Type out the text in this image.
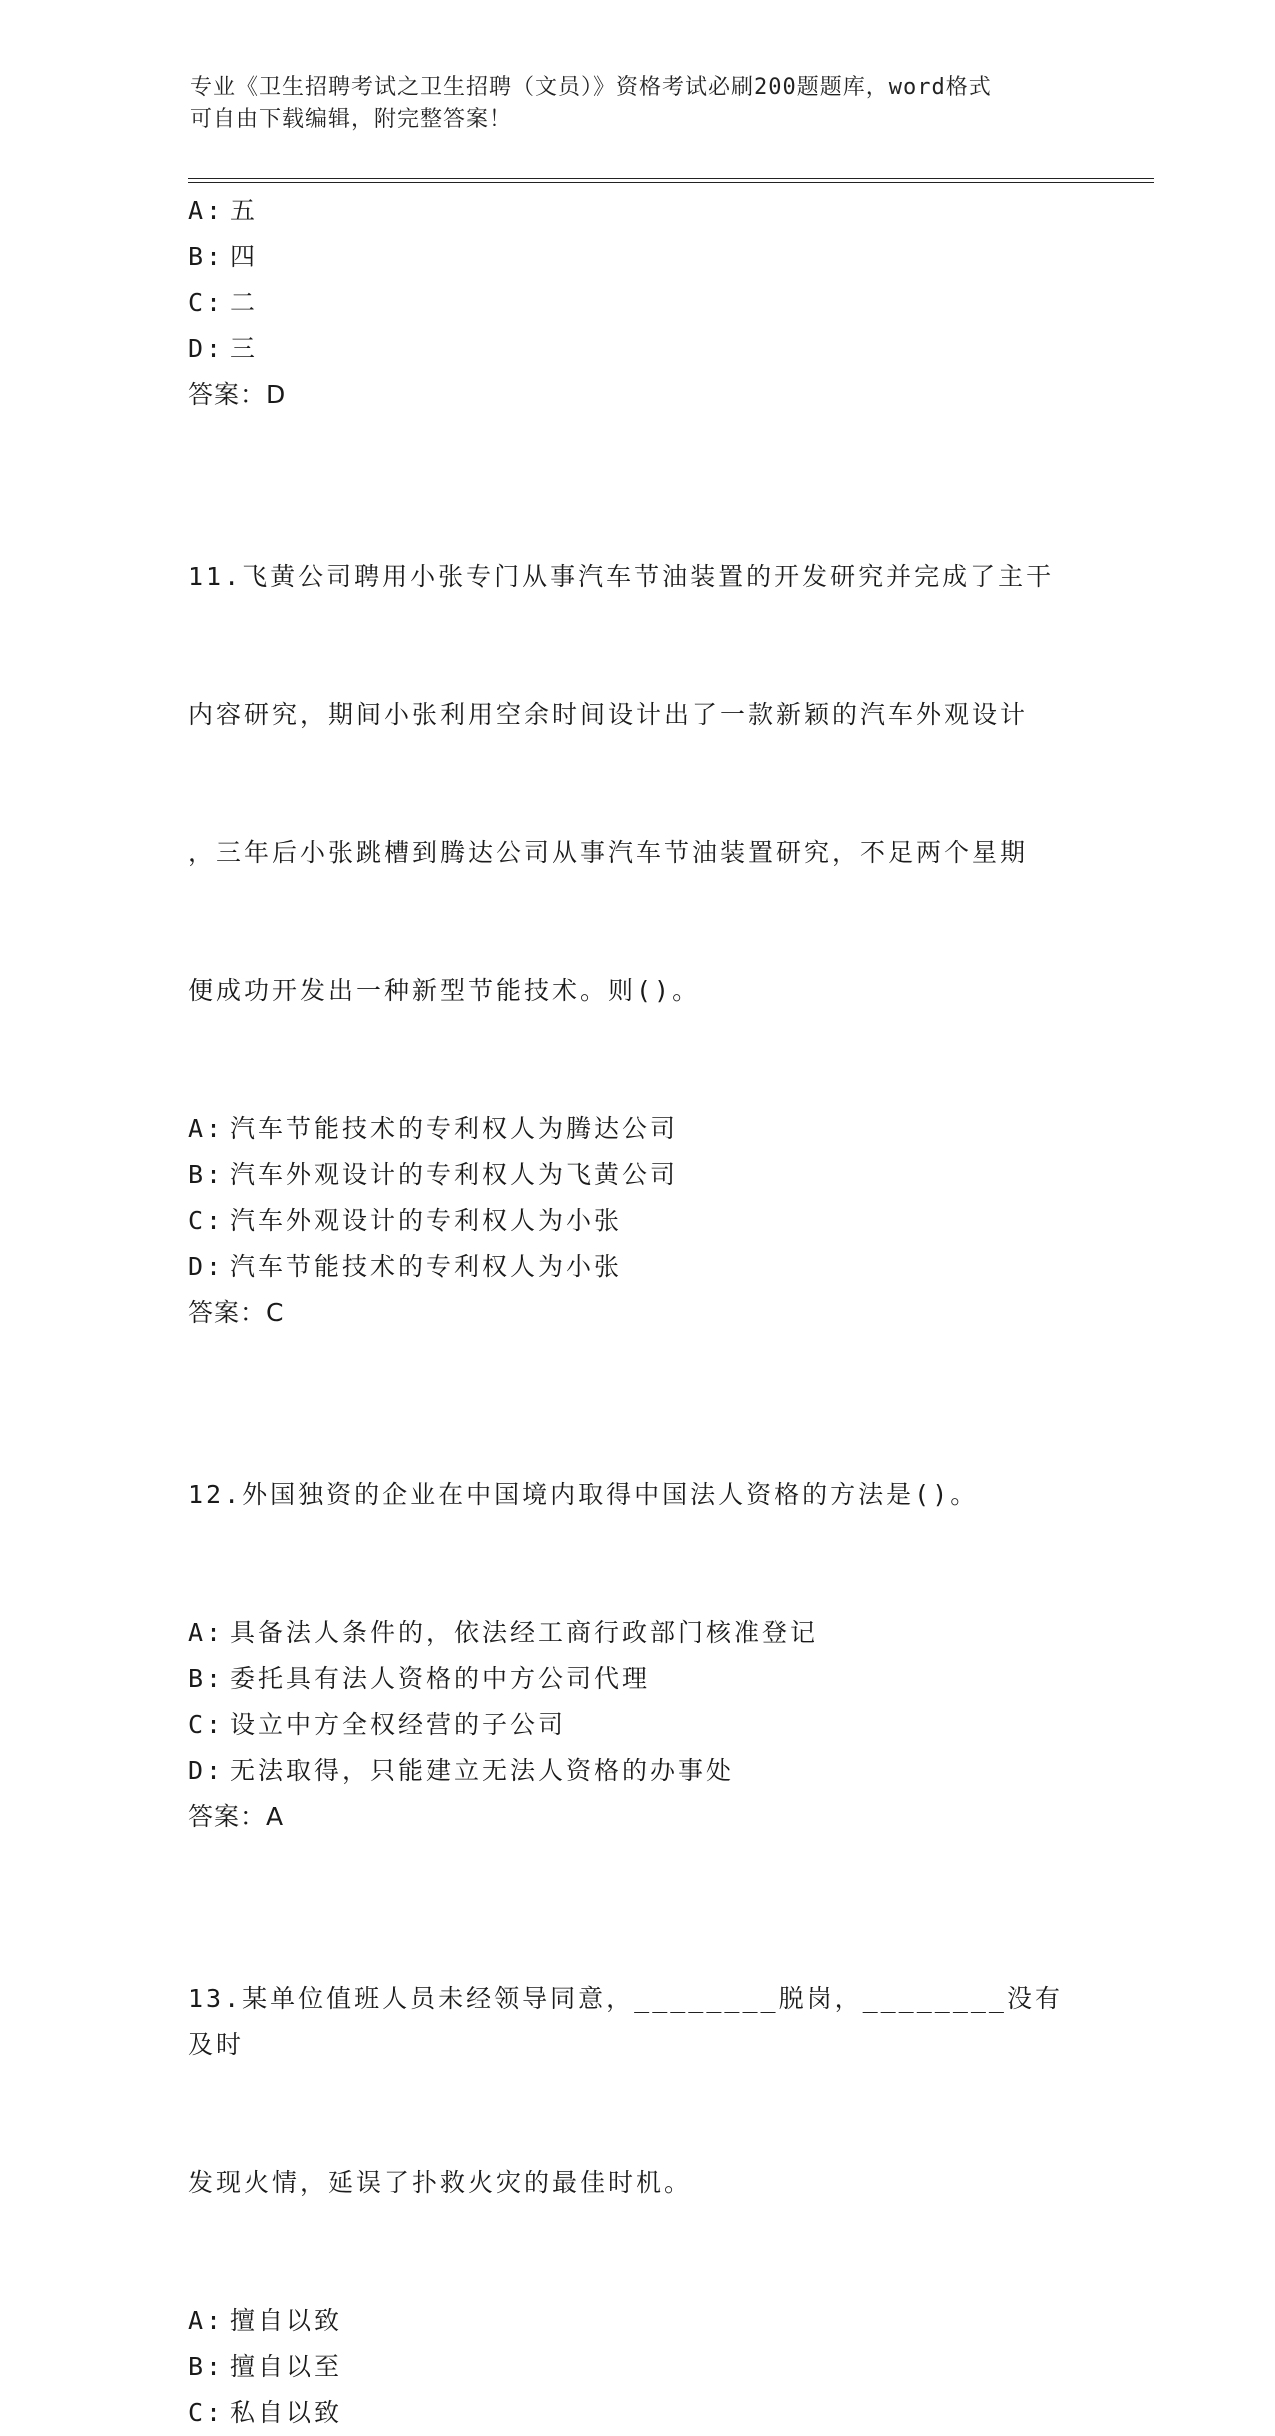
专业《卫生招聘考试之卫生招聘（文员）》资格考试必刷200题题库，word格式
可自由下载编辑，附完整答案！
A: 五
B: 四
C: 二
D: 三
答案：D

11.飞黄公司聘用小张专门从事汽车节油装置的开发研究并完成了主干

内容研究，期间小张利用空余时间设计出了一款新颖的汽车外观设计

，三年后小张跳槽到腾达公司从事汽车节油装置研究，不足两个星期

便成功开发出一种新型节能技术。则()。

A: 汽车节能技术的专利权人为腾达公司
B: 汽车外观设计的专利权人为飞黄公司
C: 汽车外观设计的专利权人为小张
D: 汽车节能技术的专利权人为小张
答案：C

12.外国独资的企业在中国境内取得中国法人资格的方法是()。

A: 具备法人条件的，依法经工商行政部门核准登记
B: 委托具有法人资格的中方公司代理
C: 设立中方全权经营的子公司
D: 无法取得，只能建立无法人资格的办事处
答案：A

13.某单位值班人员未经领导同意，________脱岗，________没有及时

发现火情，延误了扑救火灾的最佳时机。

A: 擅自以致
B: 擅自以至
C: 私自以致
